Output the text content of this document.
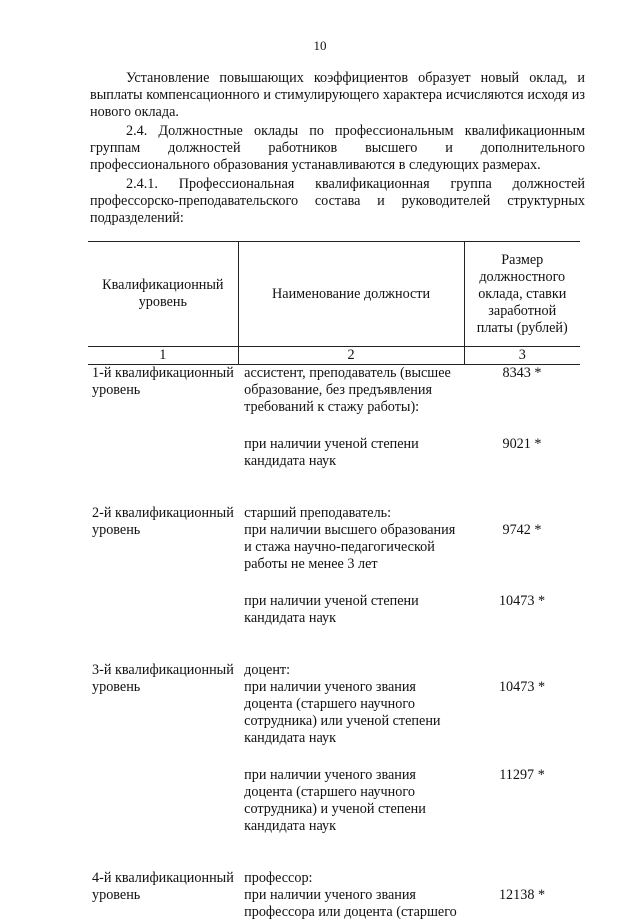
10

Установление повышающих коэффициентов образует новый оклад, и выплаты компенсационного и стимулирующего характера исчисляются исходя из нового оклада.

2.4. Должностные оклады по профессиональным квалификационным группам должностей работников высшего и дополнительного профессионального образования устанавливаются в следующих размерах.

2.4.1. Профессиональная квалификационная группа должностей профессорско-преподавательского состава и руководителей структурных подразделений:

Квалификационный уровень	Наименование должности	Размер должностного оклада, ставки заработной платы (рублей)
1	2	3
1-й квалификационный уровень	ассистент, преподаватель (высшее образование, без предъявления требований к стажу работы):	8343 *

	при наличии ученой степени кандидата наук	9021 *

2-й квалификационный уровень	старший преподаватель:
при наличии высшего образования и стажа научно-педагогической работы не менее 3 лет	9742 *

	при наличии ученой степени кандидата наук	10473 *

3-й квалификационный уровень	доцент:
при наличии ученого звания доцента (старшего научного сотрудника) или ученой степени кандидата наук	10473 *

	при наличии ученого звания доцента (старшего научного сотрудника) и ученой степени кандидата наук	11297 *

4-й квалификационный уровень	профессор:
при наличии ученого звания профессора или доцента (старшего	12138 *
